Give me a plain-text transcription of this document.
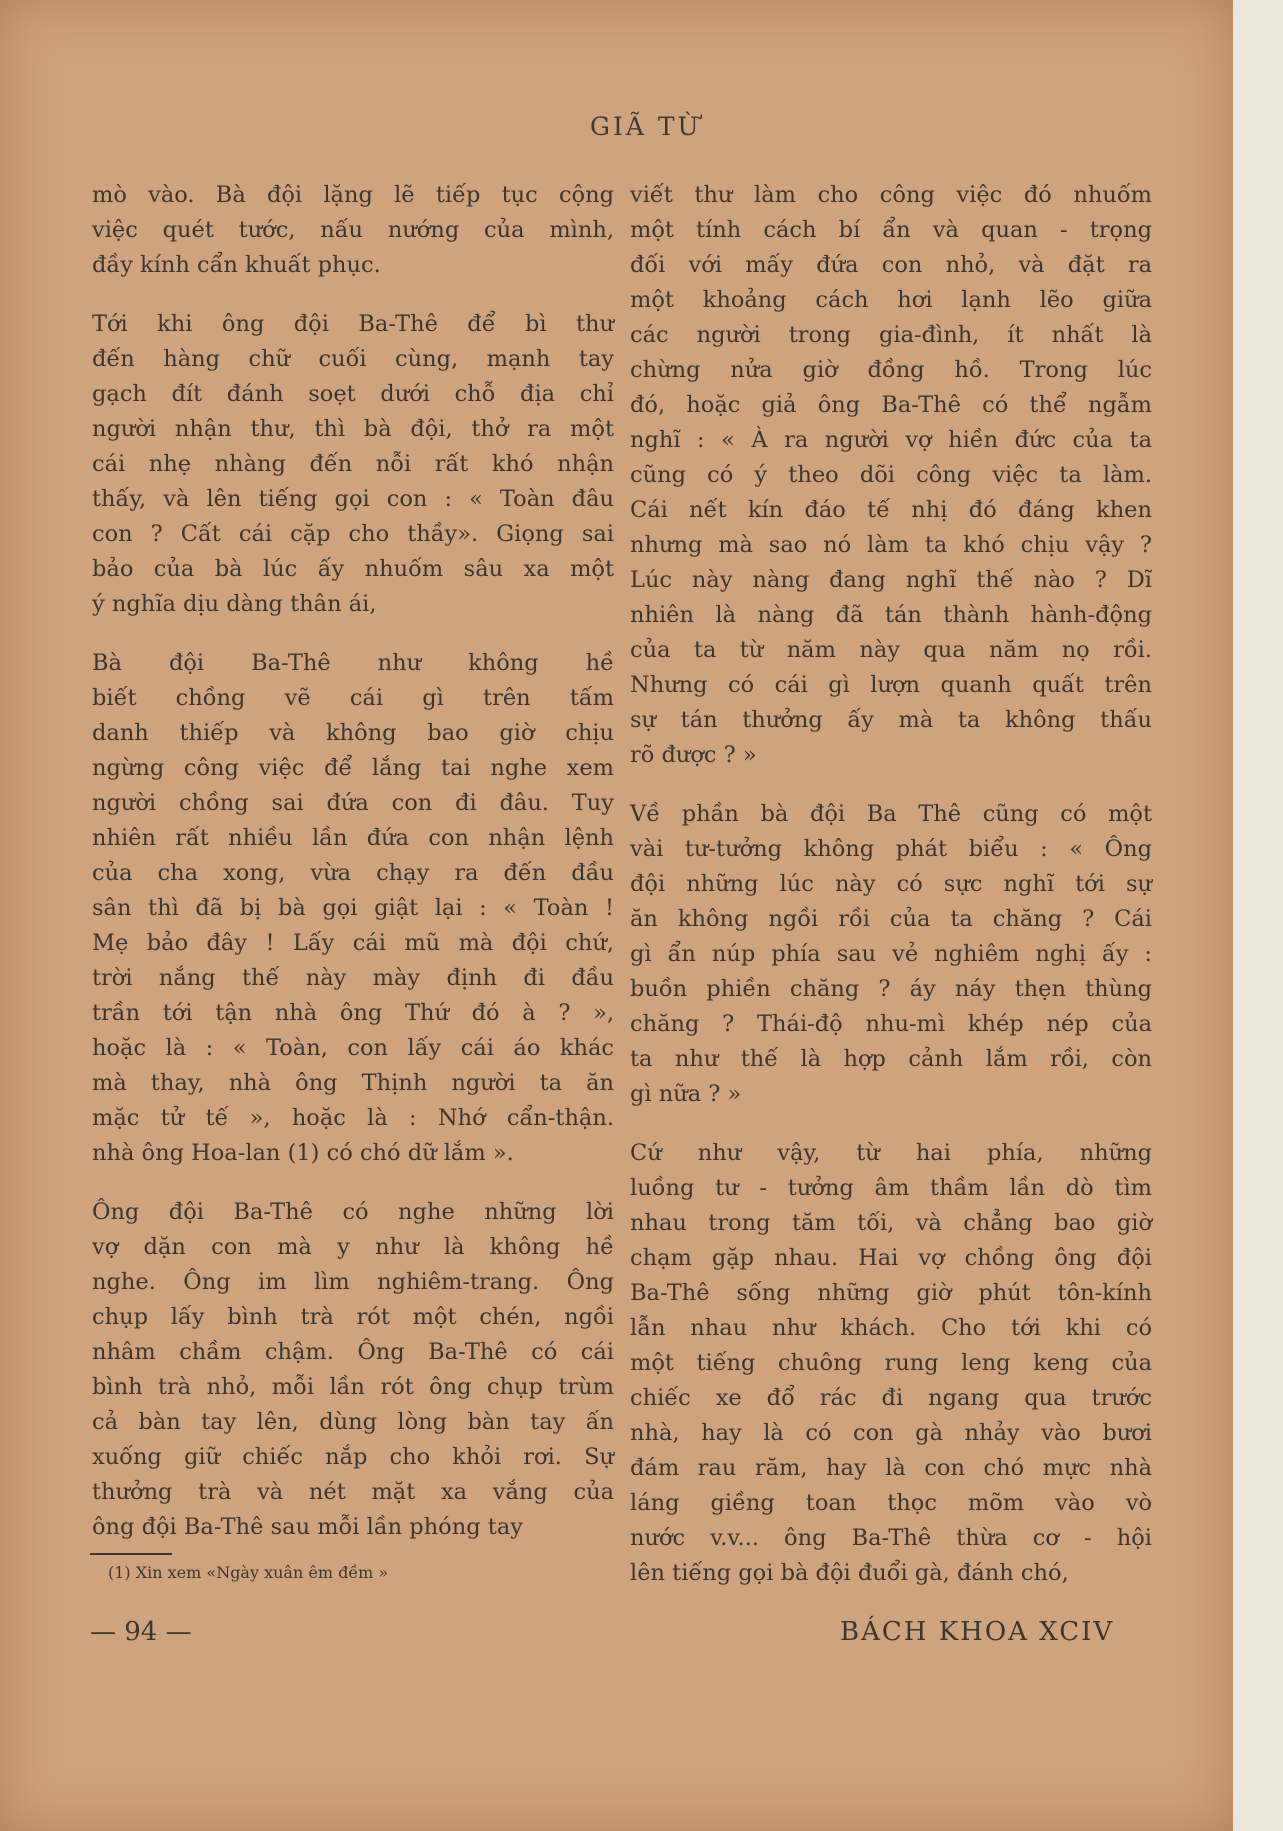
GIÃ TỪ

mò vào. Bà đội lặng lẽ tiếp tục cộng
việc quét tước, nấu nướng của mình,
đầy kính cẩn khuất phục.

Tới khi ông đội Ba-Thê để bì thư
đến hàng chữ cuối cùng, mạnh tay
gạch đít đánh soẹt dưới chỗ địa chỉ
người nhận thư, thì bà đội, thở ra một
cái nhẹ nhàng đến nỗi rất khó nhận
thấy, và lên tiếng gọi con : « Toàn đâu
con ? Cất cái cặp cho thầy». Giọng sai
bảo của bà lúc ấy nhuốm sâu xa một
ý nghĩa dịu dàng thân ái,

Bà đội Ba-Thê như không hề
biết chồng vẽ cái gì trên tấm
danh thiếp và không bao giờ chịu
ngừng công việc để lắng tai nghe xem
người chồng sai đứa con đi đâu. Tuy
nhiên rất nhiều lần đứa con nhận lệnh
của cha xong, vừa chạy ra đến đầu
sân thì đã bị bà gọi giật lại : « Toàn !
Mẹ bảo đây ! Lấy cái mũ mà đội chứ,
trời nắng thế này mày định đi đầu
trần tới tận nhà ông Thứ đó à ? »,
hoặc là : « Toàn, con lấy cái áo khác
mà thay, nhà ông Thịnh người ta ăn
mặc tử tế », hoặc là : Nhớ cẩn-thận.
nhà ông Hoa-lan (1) có chó dữ lắm ».

Ông đội Ba-Thê có nghe những lời
vợ dặn con mà y như là không hề
nghe. Ông im lìm nghiêm-trang. Ông
chụp lấy bình trà rót một chén, ngồi
nhâm chầm chậm. Ông Ba-Thê có cái
bình trà nhỏ, mỗi lần rót ông chụp trùm
cả bàn tay lên, dùng lòng bàn tay ấn
xuống giữ chiếc nắp cho khỏi rơi. Sự
thưởng trà và nét mặt xa vắng của
ông đội Ba-Thê sau mỗi lần phóng tay

viết thư làm cho công việc đó nhuốm
một tính cách bí ẩn và quan - trọng
đối với mấy đứa con nhỏ, và đặt ra
một khoảng cách hơi lạnh lẽo giữa
các người trong gia-đình, ít nhất là
chừng nửa giờ đồng hồ. Trong lúc
đó, hoặc giả ông Ba-Thê có thể ngẫm
nghĩ : « À ra người vợ hiền đức của ta
cũng có ý theo dõi công việc ta làm.
Cái nết kín đáo tế nhị đó đáng khen
nhưng mà sao nó làm ta khó chịu vậy ?
Lúc này nàng đang nghĩ thế nào ? Dĩ
nhiên là nàng đã tán thành hành-động
của ta từ năm này qua năm nọ rồi.
Nhưng có cái gì lượn quanh quất trên
sự tán thưởng ấy mà ta không thấu
rõ được ? »

Về phần bà đội Ba Thê cũng có một
vài tư-tưởng không phát biểu : « Ông
đội những lúc này có sực nghĩ tới sự
ăn không ngồi rồi của ta chăng ? Cái
gì ẩn núp phía sau vẻ nghiêm nghị ấy :
buồn phiền chăng ? áy náy thẹn thùng
chăng ? Thái-độ nhu-mì khép nép của
ta như thế là hợp cảnh lắm rồi, còn
gì nữa ? »

Cứ như vậy, từ hai phía, những
luồng tư - tưởng âm thầm lần dò tìm
nhau trong tăm tối, và chẳng bao giờ
chạm gặp nhau. Hai vợ chồng ông đội
Ba-Thê sống những giờ phút tôn-kính
lẫn nhau như khách. Cho tới khi có
một tiếng chuông rung leng keng của
chiếc xe đổ rác đi ngang qua trước
nhà, hay là có con gà nhảy vào bươi
đám rau răm, hay là con chó mực nhà
láng giềng toan thọc mõm vào vò
nước v.v... ông Ba-Thê thừa cơ - hội
lên tiếng gọi bà đội đuổi gà, đánh chó,

(1) Xin xem «Ngày xuân êm đềm »
— 94 —	BÁCH KHOA XCIV
